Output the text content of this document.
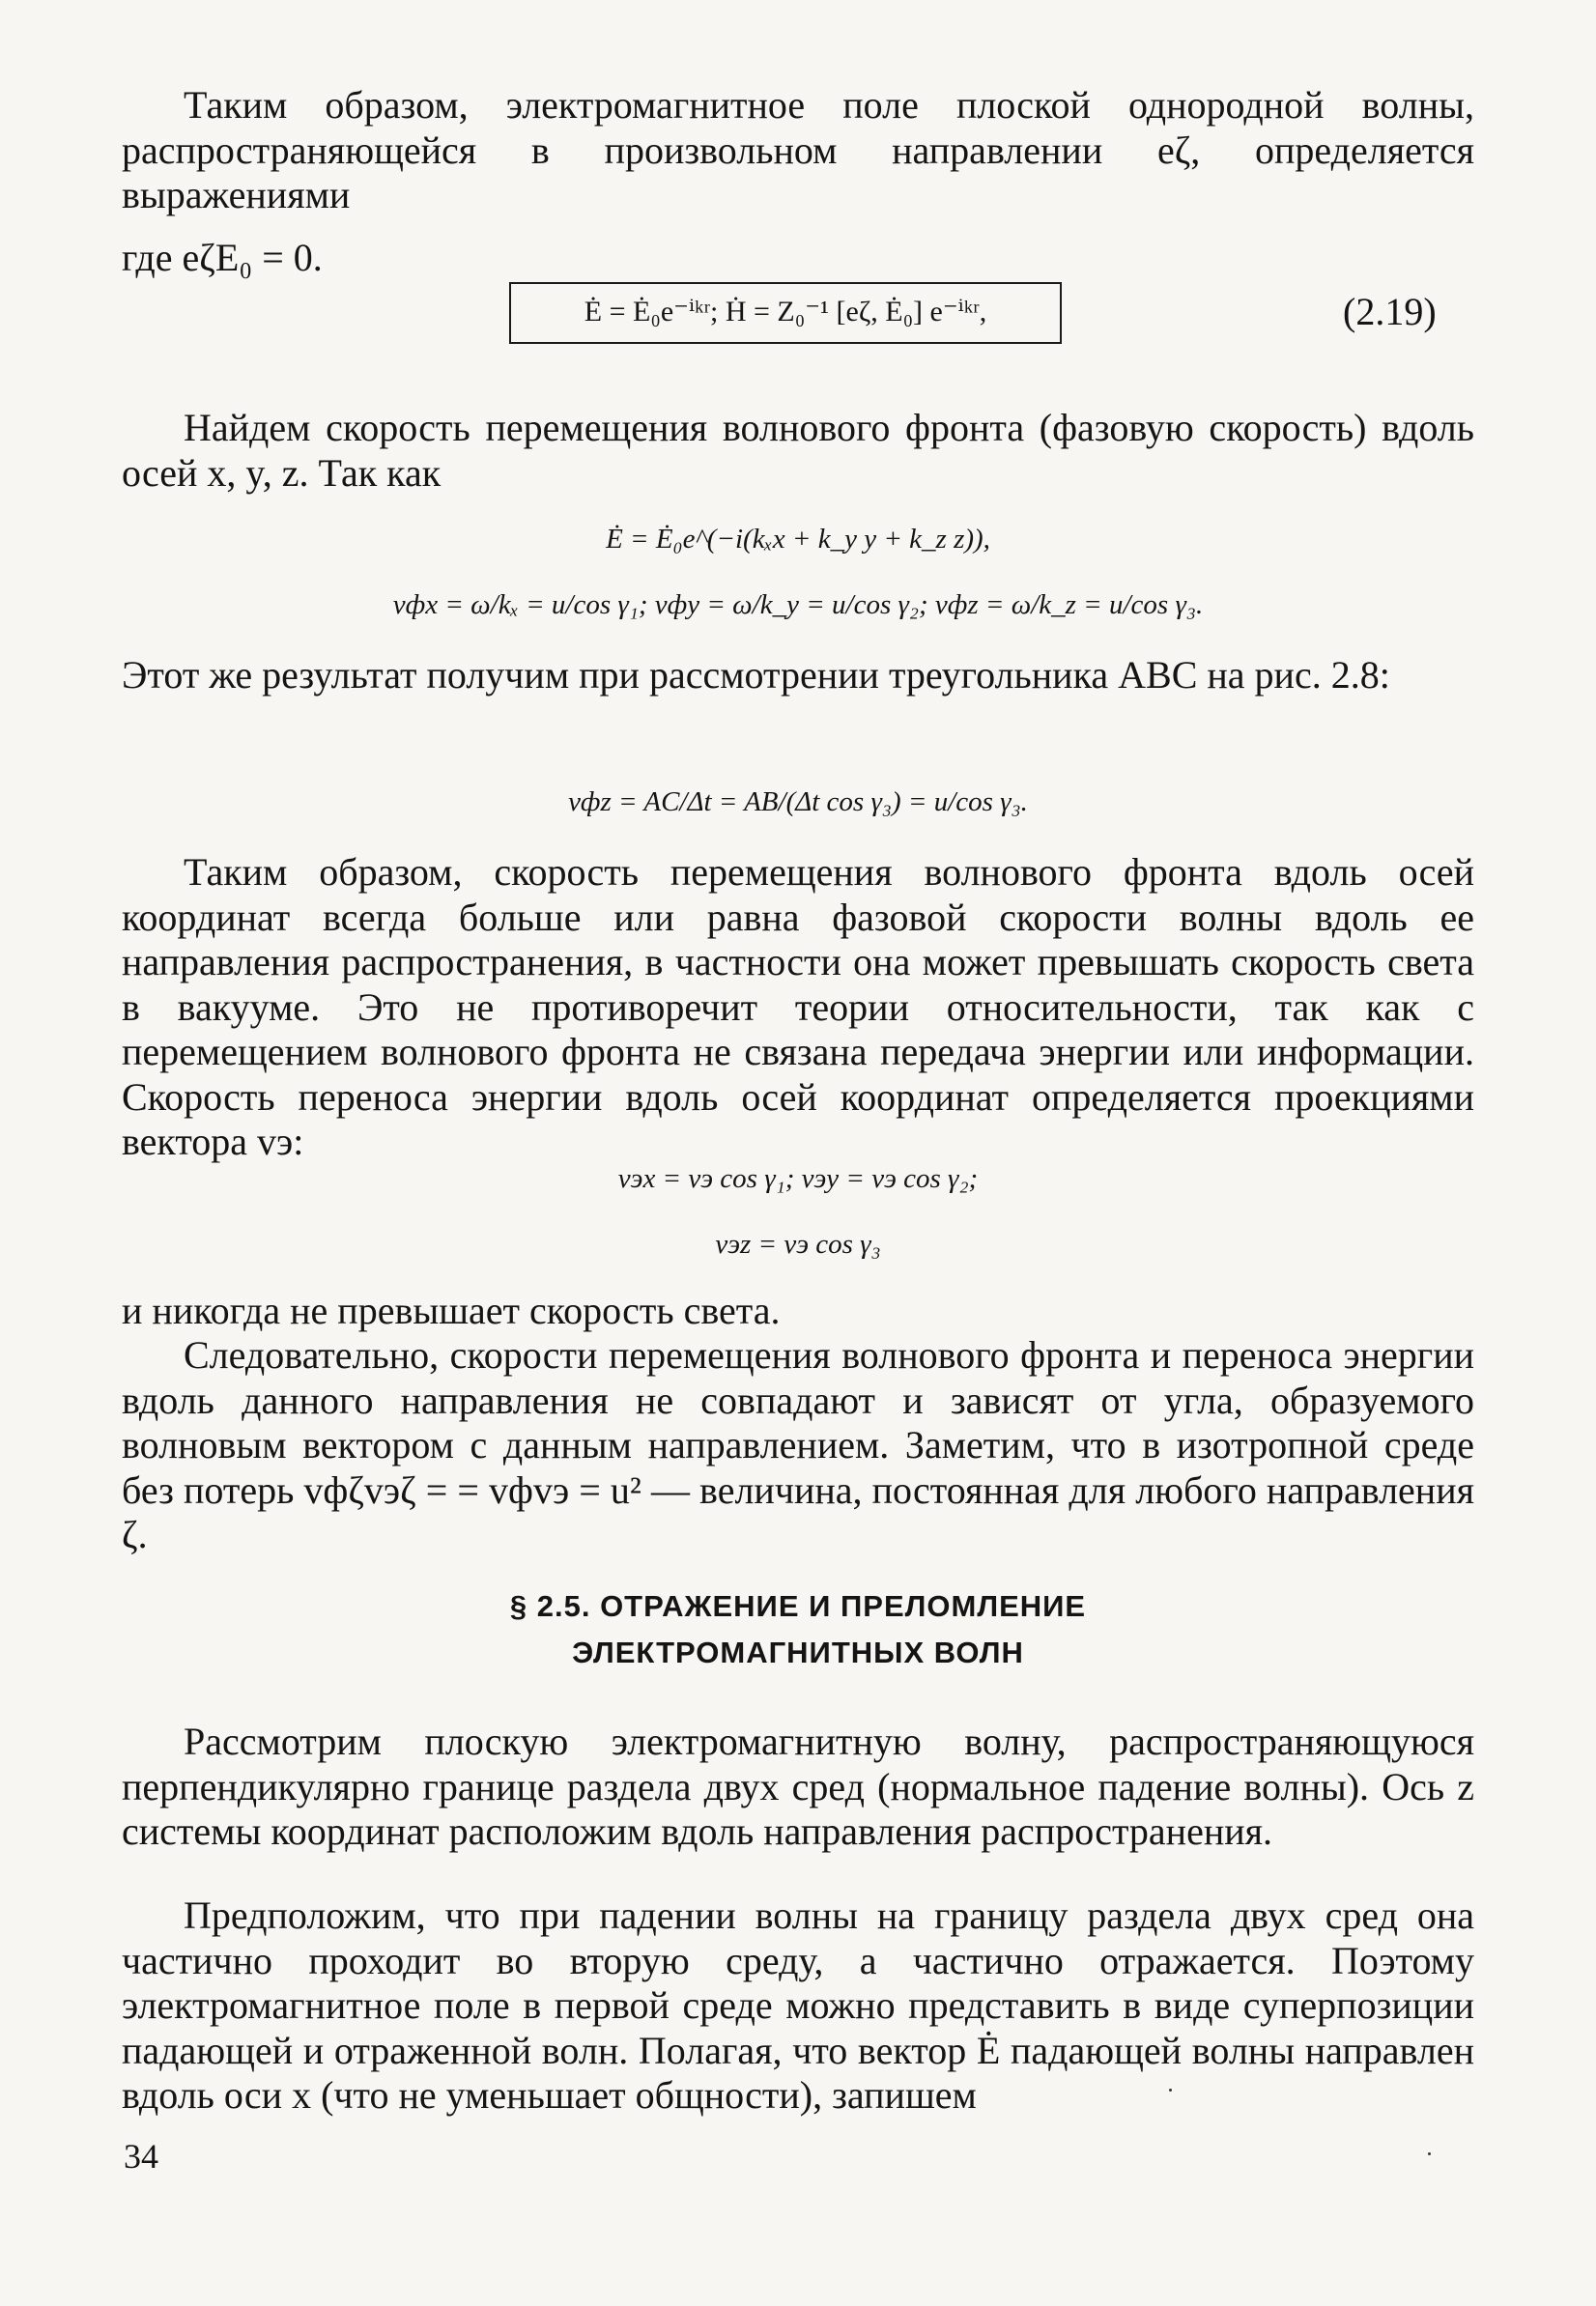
Таким образом, электромагнитное поле плоской однородной волны, распространяющейся в произвольном направлении eζ, определяется выражениями

Ė = Ė₀e⁻ⁱᵏʳ; Ḣ = Z₀⁻¹ [eζ, Ė₀] e⁻ⁱᵏʳ,	(2.19)

где eζE₀ = 0.

Найдем скорость перемещения волнового фронта (фазовую скорость) вдоль осей x, y, z. Так как

Ė = Ė₀e^(−i(kₓx + k_y y + k_z z)),
vфx = ω/kₓ = u/cos γ₁; vфy = ω/k_y = u/cos γ₂; vфz = ω/k_z = u/cos γ₃.

Этот же результат получим при рассмотрении треугольника ABC на рис. 2.8:

vфz = AC/Δt = AB/(Δt cos γ₃) = u/cos γ₃.

Таким образом, скорость перемещения волнового фронта вдоль осей координат всегда больше или равна фазовой скорости волны вдоль ее направления распространения, в частности она может превышать скорость света в вакууме. Это не противоречит теории относительности, так как с перемещением волнового фронта не связана передача энергии или информации. Скорость переноса энергии вдоль осей координат определяется проекциями вектора vэ:

vэx = vэ cos γ₁; vэy = vэ cos γ₂;
vэz = vэ cos γ₃

и никогда не превышает скорость света.

Следовательно, скорости перемещения волнового фронта и переноса энергии вдоль данного направления не совпадают и зависят от угла, образуемого волновым вектором с данным направлением. Заметим, что в изотропной среде без потерь vфζvэζ = = vфvэ = u² — величина, постоянная для любого направления ζ.

§ 2.5. ОТРАЖЕНИЕ И ПРЕЛОМЛЕНИЕ
ЭЛЕКТРОМАГНИТНЫХ ВОЛН

Рассмотрим плоскую электромагнитную волну, распространяющуюся перпендикулярно границе раздела двух сред (нормальное падение волны). Ось z системы координат расположим вдоль направления распространения.

Предположим, что при падении волны на границу раздела двух сред она частично проходит во вторую среду, а частично отражается. Поэтому электромагнитное поле в первой среде можно представить в виде суперпозиции падающей и отраженной волн. Полагая, что вектор Ė падающей волны направлен вдоль оси x (что не уменьшает общности), запишем

34
